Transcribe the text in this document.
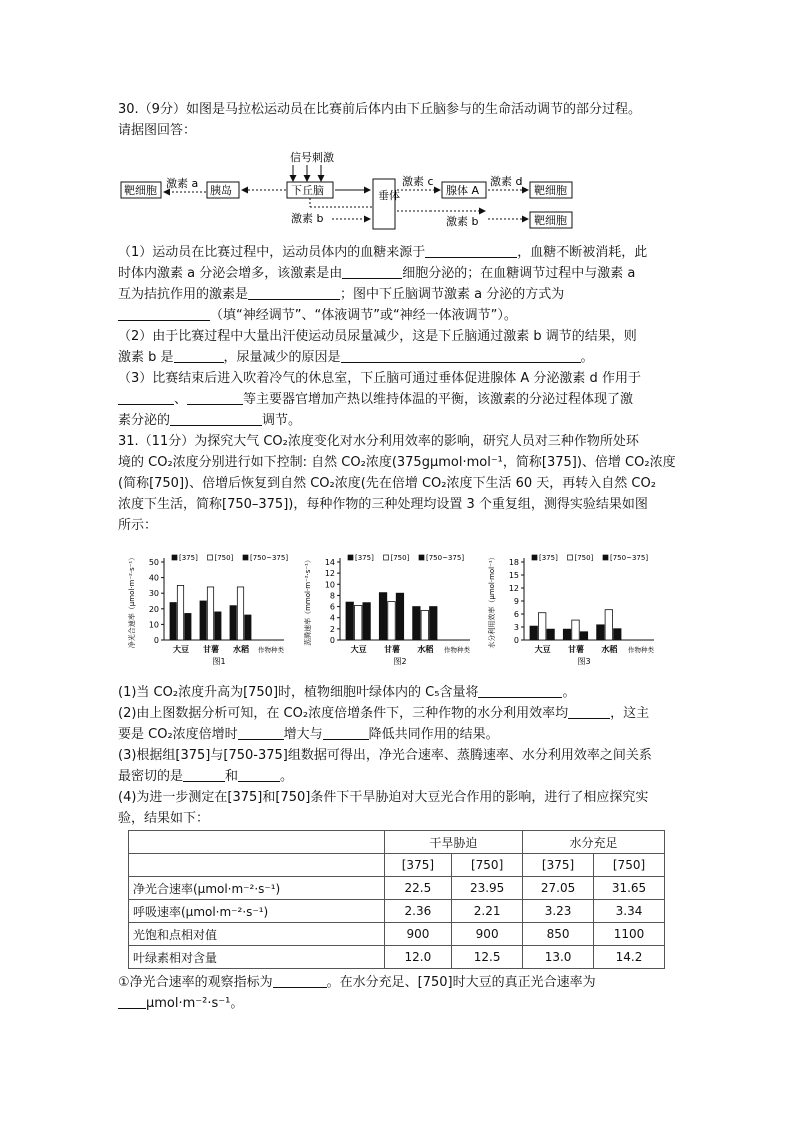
30.（9分）如图是马拉松运动员在比赛前后体内由下丘脑参与的生命活动调节的部分过程。
请据图回答：
信号刺激
靶细胞
激素 a
胰岛	下丘脑
激素 b
垂体
激素 c
腺体 A
激素 d
靶细胞
激素 b	靶细胞
（1）运动员在比赛过程中，运动员体内的血糖来源于	，血糖不断被消耗，此
时体内激素 a 分泌会增多，该激素是由	细胞分泌的；在血糖调节过程中与激素 a
互为拮抗作用的激素是	；图中下丘脑调节激素 a 分泌的方式为
（填“神经调节”、“体液调节”或“神经一体液调节”）。
（2）由于比赛过程中大量出汗使运动员尿量减少，这是下丘脑通过激素 b 调节的结果，则
激素 b 是	，尿量减少的原因是	。
（3）比赛结束后进入吹着冷气的休息室，下丘脑可通过垂体促进腺体 A 分泌激素 d 作用于
、	等主要器官增加产热以维持体温的平衡，该激素的分泌过程体现了激
素分泌的	调节。
31.（11分）为探究大气 CO₂浓度变化对水分利用效率的影响，研究人员对三种作物所处环
境的 CO₂浓度分别进行如下控制: 自然 CO₂浓度(375gμmol·mol⁻¹，简称[375])、倍增 CO₂浓度
(简称[750])、倍增后恢复到自然 CO₂浓度(先在倍增 CO₂浓度下生活 60 天，再转入自然 CO₂
浓度下生活，简称[750–375])，每种作物的三种处理均设置 3 个重复组，测得实验结果如图
所示：
净光合速率（μmol·m⁻²·s⁻¹） 0
10
20
30
40
50	[375] [750] [750~375]
大豆 甘薯 水稻 作物种类
图1
蒸腾速率（mmol·m⁻²·s⁻¹） 0
2
4
6
8
10
12
14	[375] [750] [750~375]
大豆 甘薯 水稻 作物种类
图2
水分利用效率（μmol·mol⁻¹） 0
3
6
9
12
15
18	[375] [750] [750~375]
大豆 甘薯 水稻 作物种类
图3
(1)当 CO₂浓度升高为[750]时，植物细胞叶绿体内的 C₅含量将	。
(2)由上图数据分析可知，在 CO₂浓度倍增条件下，三种作物的水分利用效率均	，这主
要是 CO₂浓度倍增时	增大与	降低共同作用的结果。
(3)根据组[375]与[750-375]组数据可得出，净光合速率、蒸腾速率、水分利用效率之间关系
最密切的是	和	。
(4)为进一步测定在[375]和[750]条件下干旱胁迫对大豆光合作用的影响，进行了相应探究实
验，结果如下：
	干旱胁迫		水分充足	
	[375]	[750]	[375]	[750]
净光合速率(μmol·m⁻²·s⁻¹)	22.5	23.95	27.05	31.65
呼吸速率(μmol·m⁻²·s⁻¹)	2.36	2.21	3.23	3.34
光饱和点相对值	900	900	850	1100
叶绿素相对含量	12.0	12.5	13.0	14.2
①净光合速率的观察指标为	。在水分充足、[750]时大豆的真正光合速率为
μmol·m⁻²·s⁻¹。
